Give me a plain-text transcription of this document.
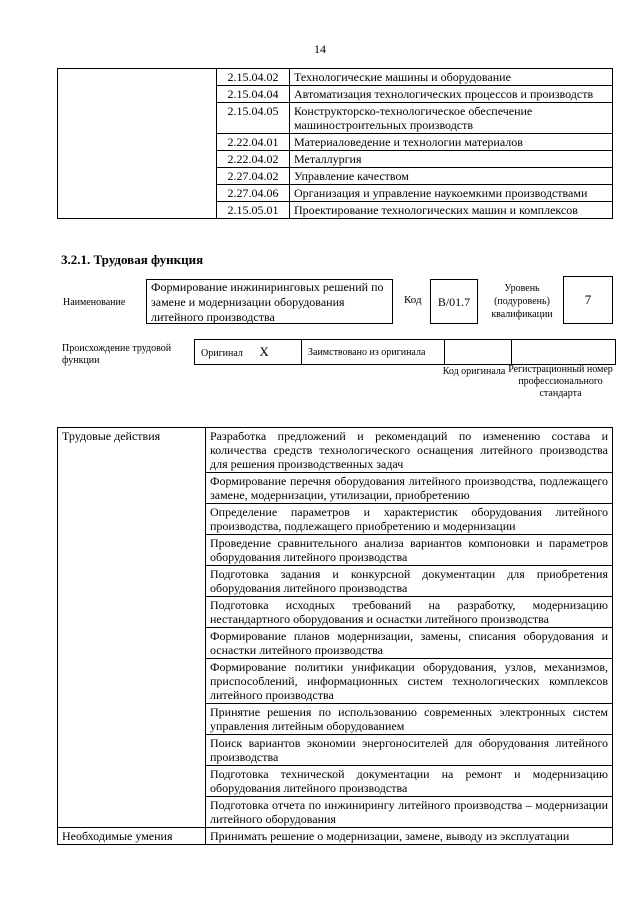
14
	2.15.04.02	Технологические машины и оборудование
	2.15.04.04	Автоматизация технологических процессов и производств
	2.15.04.05	Конструкторско-технологическое обеспечение машиностроительных производств
	2.22.04.01	Материаловедение и технологии материалов
	2.22.04.02	Металлургия
	2.27.04.02	Управление качеством
	2.27.04.06	Организация и управление наукоемкими производствами
	2.15.05.01	Проектирование технологических машин и комплексов
3.2.1. Трудовая функция
Наименование
Формирование инжиниринговых решений по замене и модернизации оборудования литейного производства
Код	B/01.7
Уровень (подуровень) квалификации
7
Происхождение трудовой функции
Оригинал X	Заимствовано из оригинала		
Код оригинала Регистрационный номер профессионального стандарта
Трудовые действия	Разработка предложений и рекомендаций по изменению состава и количества средств технологического оснащения литейного производства для решения производственных задач
	Формирование перечня оборудования литейного производства, подлежащего замене, модернизации, утилизации, приобретению
	Определение параметров и характеристик оборудования литейного производства, подлежащего приобретению и модернизации
	Проведение сравнительного анализа вариантов компоновки и параметров оборудования литейного производства
	Подготовка задания и конкурсной документации для приобретения оборудования литейного производства
	Подготовка исходных требований на разработку, модернизацию нестандартного оборудования и оснастки литейного производства
	Формирование планов модернизации, замены, списания оборудования и оснастки литейного производства
	Формирование политики унификации оборудования, узлов, механизмов, приспособлений, информационных систем технологических комплексов литейного производства
	Принятие решения по использованию современных электронных систем управления литейным оборудованием
	Поиск вариантов экономии энергоносителей для оборудования литейного производства
	Подготовка технической документации на ремонт и модернизацию оборудования литейного производства
	Подготовка отчета по инжинирингу литейного производства – модернизации литейного оборудования
Необходимые умения	Принимать решение о модернизации, замене, выводу из эксплуатации
